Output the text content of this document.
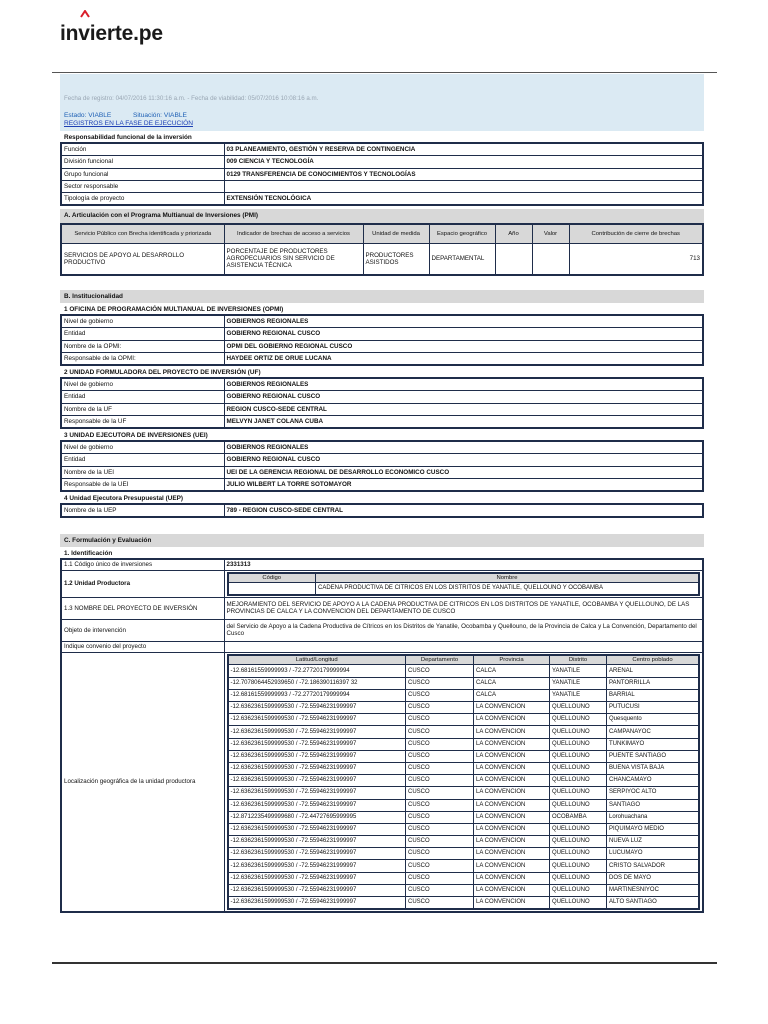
invierte.pe
Fecha de registro: 04/07/2016 11:30:16 a.m. - Fecha de viabilidad: 05/07/2016 10:08:16 a.m.
Estado: VIABLE	Situación: VIABLE
REGISTROS EN LA FASE DE EJECUCIÓN
Responsabilidad funcional de la inversión
Función	03 PLANEAMIENTO, GESTIÓN Y RESERVA DE CONTINGENCIA
División funcional	009 CIENCIA Y TECNOLOGÍA
Grupo funcional	0129 TRANSFERENCIA DE CONOCIMIENTOS Y TECNOLOGÍAS
Sector responsable	
Tipología de proyecto	EXTENSIÓN TECNOLÓGICA
A. Articulación con el Programa Multianual de Inversiones (PMI)
Servicio Público con Brecha identificada y priorizada	Indicador de brechas de acceso a servicios	Unidad de medida	Espacio geográfico	Año	Valor	Contribución de cierre de brechas
SERVICIOS DE APOYO AL DESARROLLO PRODUCTIVO	PORCENTAJE DE PRODUCTORES AGROPECUARIOS SIN SERVICIO DE ASISTENCIA TÉCNICA	PRODUCTORES ASISTIDOS	DEPARTAMENTAL			713
B. Institucionalidad
1 OFICINA DE PROGRAMACIÓN MULTIANUAL DE INVERSIONES (OPMI)
Nivel de gobierno	GOBIERNOS REGIONALES
Entidad	GOBIERNO REGIONAL CUSCO
Nombre de la OPMI:	OPMI DEL GOBIERNO REGIONAL CUSCO
Responsable de la OPMI:	HAYDEE ORTIZ DE ORUE LUCANA
2 UNIDAD FORMULADORA DEL PROYECTO DE INVERSIÓN (UF)
Nivel de gobierno	GOBIERNOS REGIONALES
Entidad	GOBIERNO REGIONAL CUSCO
Nombre de la UF	REGION CUSCO-SEDE CENTRAL
Responsable de la UF	MELVYN JANET COLANA CUBA
3 UNIDAD EJECUTORA DE INVERSIONES (UEI)
Nivel de gobierno	GOBIERNOS REGIONALES
Entidad	GOBIERNO REGIONAL CUSCO
Nombre de la UEI	UEI DE LA GERENCIA REGIONAL DE DESARROLLO ECONOMICO CUSCO
Responsable de la UEI	JULIO WILBERT LA TORRE SOTOMAYOR
4 Unidad Ejecutora Presupuestal (UEP)
Nombre de la UEP	789 - REGION CUSCO-SEDE CENTRAL
C. Formulación y Evaluación
1. Identificación
1.1 Código único de inversiones	2331313
1.2 Unidad Productora	
Código	Nombre
	CADENA PRODUCTIVA DE CITRICOS EN LOS DISTRITOS DE YANATILE, QUELLOUNO Y OCOBAMBA

1.3 NOMBRE DEL PROYECTO DE INVERSIÓN	MEJORAMIENTO DEL SERVICIO DE APOYO A LA CADENA PRODUCTIVA DE CITRICOS EN LOS DISTRITOS DE YANATILE, OCOBAMBA Y QUELLOUNO, DE LAS PROVINCIAS DE CALCA Y LA CONVENCION DEL DEPARTAMENTO DE CUSCO
Objeto de intervención	del Servicio de Apoyo a la Cadena Productiva de Cítricos en los Distritos de Yanatile, Ocobamba y Quellouno, de la Provincia de Calca y La Convención, Departamento del Cusco
Indique convenio del proyecto	
Localización geográfica de la unidad productora	
Latitud/Longitud	Departamento	Provincia	Distrito	Centro poblado
-12.68161559999993 / -72.27720179999994	CUSCO	CALCA	YANATILE	ARENAL
-12.7078064452939650 / -72.186390116397 32	CUSCO	CALCA	YANATILE	PANTORRILLA
-12.68161559999993 / -72.27720179999994	CUSCO	CALCA	YANATILE	BARRIAL
-12.6362361599999530 / -72.55946231999997	CUSCO	LA CONVENCION	QUELLOUNO	PUTUCUSI
-12.6362361599999530 / -72.55946231999997	CUSCO	LA CONVENCION	QUELLOUNO	Quesquento
-12.6362361599999530 / -72.55946231999997	CUSCO	LA CONVENCION	QUELLOUNO	CAMPANAYOC
-12.6362361599999530 / -72.55946231999997	CUSCO	LA CONVENCION	QUELLOUNO	TUNKIMAYO
-12.6362361599999530 / -72.55946231999997	CUSCO	LA CONVENCION	QUELLOUNO	PUENTE SANTIAGO
-12.6362361599999530 / -72.55946231999997	CUSCO	LA CONVENCION	QUELLOUNO	BUENA VISTA BAJA
-12.6362361599999530 / -72.55946231999997	CUSCO	LA CONVENCION	QUELLOUNO	CHANCAMAYO
-12.6362361599999530 / -72.55946231999997	CUSCO	LA CONVENCION	QUELLOUNO	SERPIYOC ALTO
-12.6362361599999530 / -72.55946231999997	CUSCO	LA CONVENCION	QUELLOUNO	SANTIAGO
-12.8712235499999680 / -72.44727695999995	CUSCO	LA CONVENCION	OCOBAMBA	Lorohuachana
-12.6362361599999530 / -72.55946231999997	CUSCO	LA CONVENCION	QUELLOUNO	PIQUIMAYO MEDIO
-12.6362361599999530 / -72.55946231999997	CUSCO	LA CONVENCION	QUELLOUNO	NUEVA LUZ
-12.6362361599999530 / -72.55946231999997	CUSCO	LA CONVENCION	QUELLOUNO	LUCUMAYO
-12.6362361599999530 / -72.55946231999997	CUSCO	LA CONVENCION	QUELLOUNO	CRISTO SALVADOR
-12.6362361599999530 / -72.55946231999997	CUSCO	LA CONVENCION	QUELLOUNO	DOS DE MAYO
-12.6362361599999530 / -72.55946231999997	CUSCO	LA CONVENCION	QUELLOUNO	MARTINESNIYOC
-12.6362361599999530 / -72.55946231999997	CUSCO	LA CONVENCION	QUELLOUNO	ALTO SANTIAGO
